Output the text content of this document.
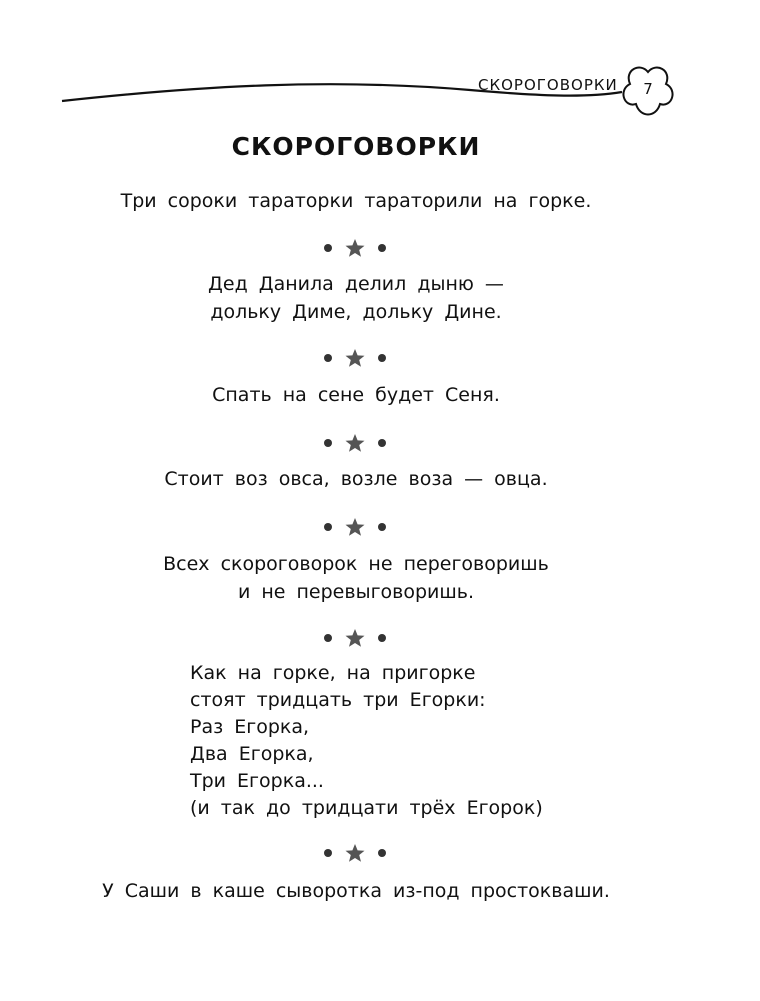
СКОРОГОВОРКИ	7
СКОРОГОВОРКИ
Три сороки тараторки тараторили на горке.
Дед Данила делил дыню —
дольку Диме, дольку Дине.
Спать на сене будет Сеня.
Стоит воз овса, возле воза — овца.
Всех скороговорок не переговоришь
и не перевыговоришь.
Как на горке, на пригорке
стоят тридцать три Егорки:
Раз Егорка,
Два Егорка,
Три Егорка...
(и так до тридцати трёх Егорок)
У Саши в каше сыворотка из-под простокваши.
